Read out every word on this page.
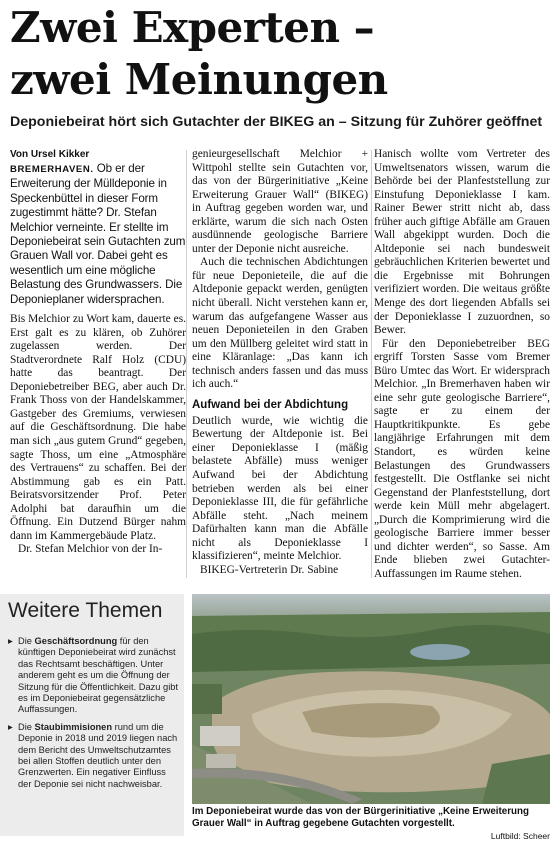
Zwei Experten –
zwei Meinungen
Deponiebeirat hört sich Gutachter der BIKEG an – Sitzung für Zuhörer geöffnet
Von Ursel Kikker
BREMERHAVEN. Ob er der Erweiterung der Mülldeponie in Speckenbüttel in dieser Form zugestimmt hätte? Dr. Stefan Melchior verneinte. Er stellte im Deponiebeirat sein Gutachten zum Grauen Wall vor. Dabei geht es wesentlich um eine mögliche Belastung des Grundwassers. Die Deponieplaner widersprachen.

Bis Melchior zu Wort kam, dauerte es. Erst galt es zu klären, ob Zuhörer zugelassen werden. Der Stadtverordnete Ralf Holz (CDU) hatte das beantragt. Der Deponiebetreiber BEG, aber auch Dr. Frank Thoss von der Handelskammer, Gastgeber des Gremiums, verwiesen auf die Geschäftsordnung. Die habe man sich „aus gutem Grund“ gegeben, sagte Thoss, um eine „Atmosphäre des Vertrauens“ zu schaffen. Bei der Abstimmung gab es ein Patt. Beiratsvorsitzender Prof. Peter Adolphi bat daraufhin um die Öffnung. Ein Dutzend Bürger nahm dann im Kammergebäude Platz.

Dr. Stefan Melchior von der In-

genieurgesellschaft Melchior + Wittpohl stellte sein Gutachten vor, das von der Bürgerinitiative „Keine Erweiterung Grauer Wall“ (BIKEG) in Auftrag gegeben worden war, und erklärte, warum die sich nach Osten ausdünnende geologische Barriere unter der Deponie nicht ausreiche.

Auch die technischen Abdichtungen für neue Deponieteile, die auf die Altdeponie gepackt werden, genügten nicht überall. Nicht verstehen kann er, warum das aufgefangene Wasser aus neuen Deponieteilen in den Graben um den Müllberg geleitet wird statt in eine Kläranlage: „Das kann ich technisch anders fassen und das muss ich auch.“

Aufwand bei der Abdichtung

Deutlich wurde, wie wichtig die Bewertung der Altdeponie ist. Bei einer Deponieklasse I (mäßig belastete Abfälle) muss weniger Aufwand bei der Abdichtung betrieben werden als bei einer Deponieklasse III, die für gefährliche Abfälle steht. „Nach meinem Dafürhalten kann man die Abfälle nicht als Deponieklasse I klassifizieren“, meinte Melchior.

BIKEG-Vertreterin Dr. Sabine

Hanisch wollte vom Vertreter des Umweltsenators wissen, warum die Behörde bei der Planfeststellung zur Einstufung Deponieklasse I kam. Rainer Bewer stritt nicht ab, dass früher auch giftige Abfälle am Grauen Wall abgekippt wurden. Doch die Altdeponie sei nach bundesweit gebräuchlichen Kriterien bewertet und die Ergebnisse mit Bohrungen verifiziert worden. Die weitaus größte Menge des dort liegenden Abfalls sei der Deponieklasse I zuzuordnen, so Bewer.

Für den Deponiebetreiber BEG ergriff Torsten Sasse vom Bremer Büro Umtec das Wort. Er widersprach Melchior. „In Bremerhaven haben wir eine sehr gute geologische Barriere“, sagte er zu einem der Hauptkritikpunkte. Es gebe langjährige Erfahrungen mit dem Standort, es würden keine Belastungen des Grundwassers festgestellt. Die Ostflanke sei nicht Gegenstand der Planfeststellung, dort werde kein Müll mehr abgelagert. „Durch die Komprimierung wird die geologische Barriere immer besser und dichter werden“, so Sasse. Am Ende blieben zwei Gutachter-Auffassungen im Raume stehen.

Weitere Themen
▸ Die Geschäftsordnung für den künftigen Deponiebeirat wird zunächst das Rechtsamt beschäftigen. Unter anderem geht es um die Öffnung der Sitzung für die Öffentlichkeit. Dazu gibt es im Deponiebeirat gegensätzliche Auffassungen.
▸ Die Staubimmisionen rund um die Deponie in 2018 und 2019 liegen nach dem Bericht des Umweltschutzamtes bei allen Stoffen deutlich unter den Grenzwerten. Ein negativer Einfluss der Deponie sei nicht nachweisbar.
Im Deponiebeirat wurde das von der Bürgerinitiative „Keine Erweiterung Grauer Wall“ in Auftrag gegebene Gutachten vorgestellt.
Luftbild: Scheer
